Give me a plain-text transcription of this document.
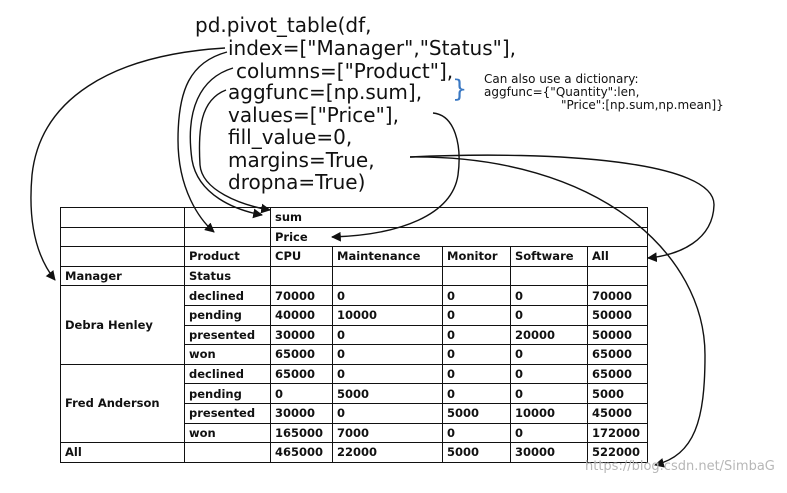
pd.pivot_table(df,
index=["Manager","Status"],
columns=["Product"],
aggfunc=[np.sum],
values=["Price"],
fill_value=0,
margins=True,
dropna=True)
} Can also use a dictionary:
aggfunc={"Quantity":len,
"Price":[np.sum,np.mean]}
		sum				
		Price				
	Product	CPU	Maintenance	Monitor	Software	All
Manager	Status					
Debra Henley	declined	70000	0	0	0	70000
	pending	40000	10000	0	0	50000
	presented	30000	0	0	20000	50000
	won	65000	0	0	0	65000
Fred Anderson	declined	65000	0	0	0	65000
	pending	0	5000	0	0	5000
	presented	30000	0	5000	10000	45000
	won	165000	7000	0	0	172000
All		465000	22000	5000	30000	522000
https://blog.csdn.net/SimbaG
